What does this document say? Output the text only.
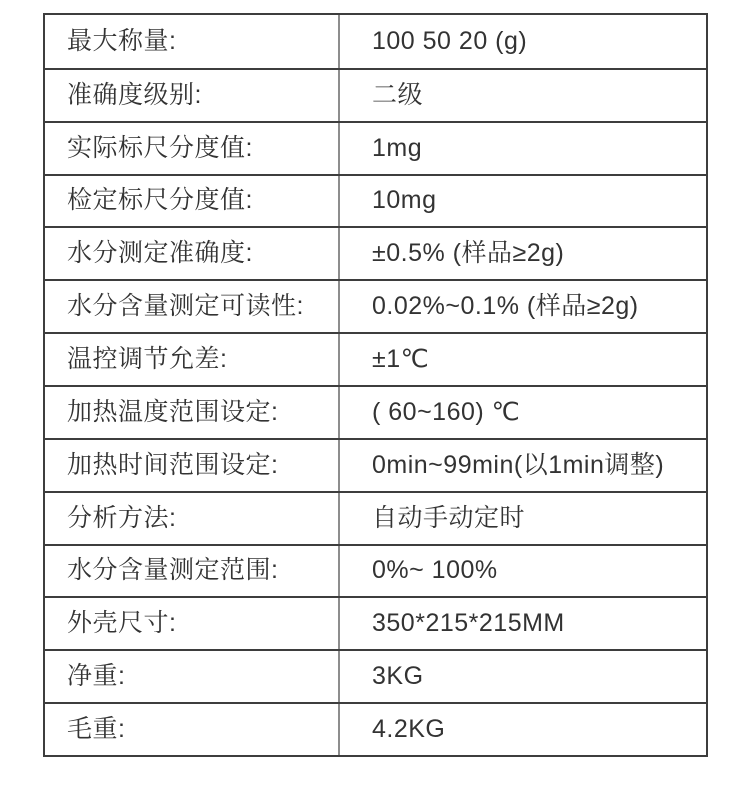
最大称量:	100 50 20 (g)
准确度级别:	二级
实际标尺分度值:	1mg
检定标尺分度值:	10mg
水分测定准确度:	±0.5% (样品≥2g)
水分含量测定可读性:	0.02%~0.1% (样品≥2g)
温控调节允差:	±1℃
加热温度范围设定:	( 60~160) ℃
加热时间范围设定:	0min~99min(以1min调整)
分析方法:	自动手动定时
水分含量测定范围:	0%~ 100%
外壳尺寸:	350*215*215MM
净重:	3KG
毛重:	4.2KG
